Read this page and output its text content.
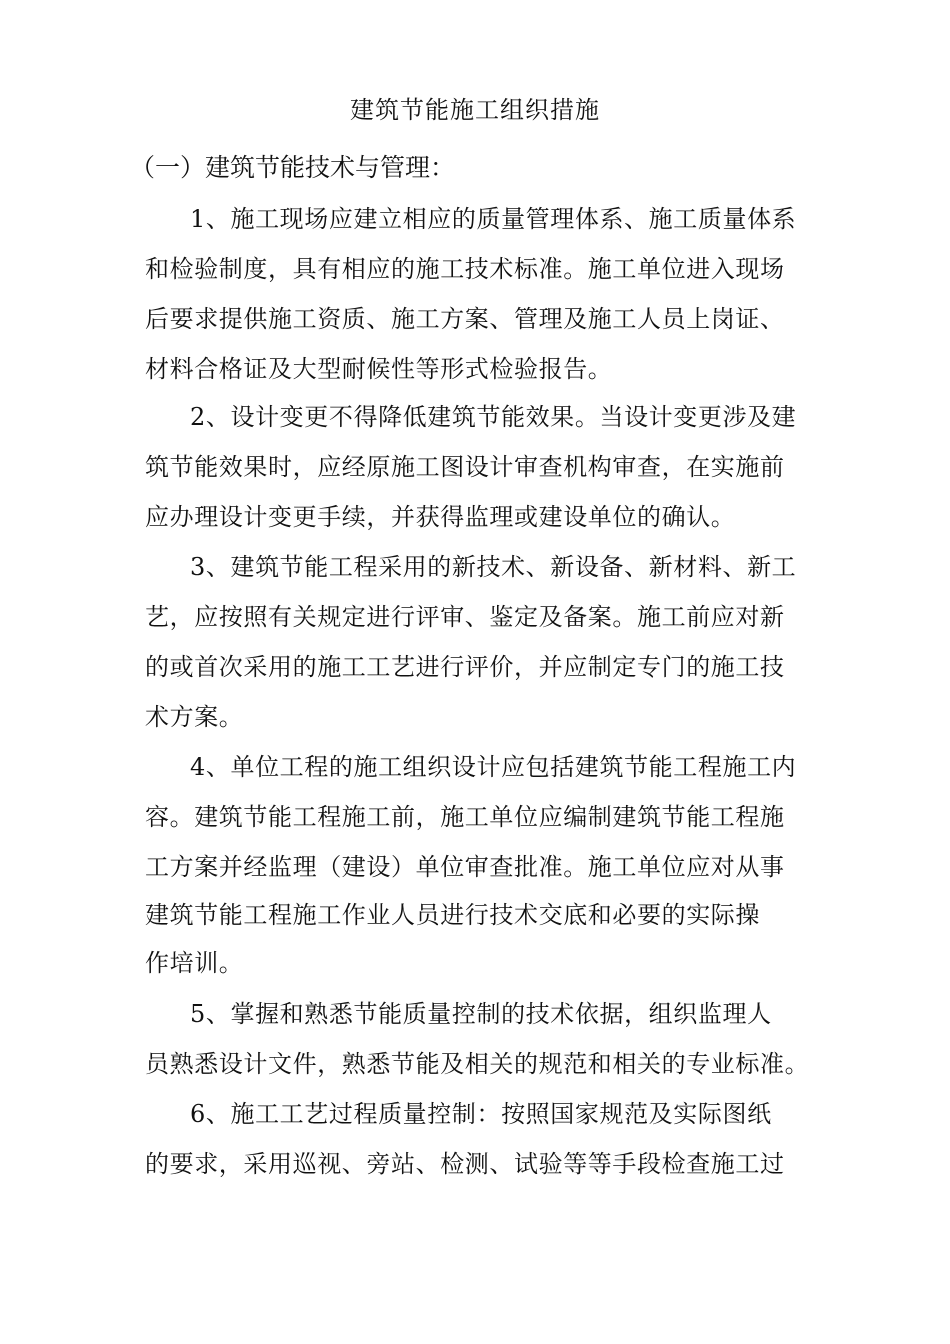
建筑节能施工组织措施
（一）建筑节能技术与管理：
1、施工现场应建立相应的质量管理体系、施工质量体系
和检验制度，具有相应的施工技术标准。施工单位进入现场
后要求提供施工资质、施工方案、管理及施工人员上岗证、
材料合格证及大型耐候性等形式检验报告。
2、设计变更不得降低建筑节能效果。当设计变更涉及建
筑节能效果时，应经原施工图设计审查机构审查，在实施前
应办理设计变更手续，并获得监理或建设单位的确认。
3、建筑节能工程采用的新技术、新设备、新材料、新工
艺，应按照有关规定进行评审、鉴定及备案。施工前应对新
的或首次采用的施工工艺进行评价，并应制定专门的施工技
术方案。
4、单位工程的施工组织设计应包括建筑节能工程施工内
容。建筑节能工程施工前，施工单位应编制建筑节能工程施
工方案并经监理（建设）单位审查批准。施工单位应对从事
建筑节能工程施工作业人员进行技术交底和必要的实际操
作培训。
5、掌握和熟悉节能质量控制的技术依据，组织监理人
员熟悉设计文件，熟悉节能及相关的规范和相关的专业标准。
6、施工工艺过程质量控制：按照国家规范及实际图纸
的要求，采用巡视、旁站、检测、试验等等手段检查施工过
